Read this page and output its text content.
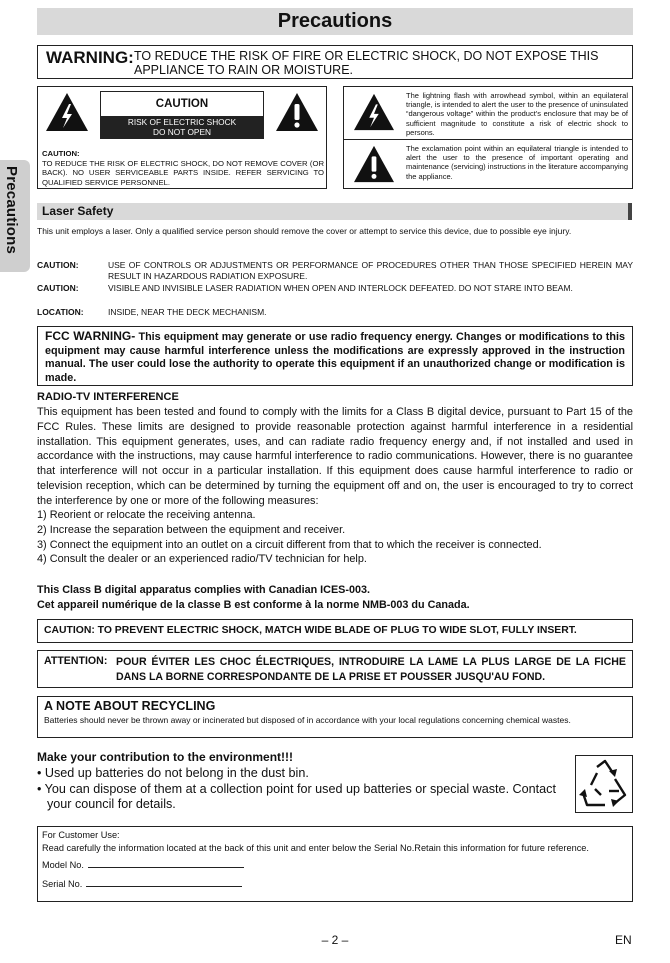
Precautions
Precautions
WARNING: TO REDUCE THE RISK OF FIRE OR ELECTRIC SHOCK, DO NOT EXPOSE THIS APPLIANCE TO RAIN OR MOISTURE.
CAUTION
RISK OF ELECTRIC SHOCK
DO NOT OPEN
CAUTION:
TO REDUCE THE RISK OF ELECTRIC SHOCK, DO NOT REMOVE COVER (OR BACK). NO USER SERVICEABLE PARTS INSIDE. REFER SERVICING TO QUALIFIED SERVICE PERSONNEL.
The lightning flash with arrowhead symbol, within an equilateral triangle, is intended to alert the user to the presence of uninsulated “dangerous voltage” within the product's enclosure that may be of sufficient magnitude to constitute a risk of electric shock to persons.
The exclamation point within an equilateral triangle is intended to alert the user to the presence of important operating and maintenance (servicing) instructions in the literature accompanying the appliance.
Laser Safety
This unit employs a laser. Only a qualified service person should remove the cover or attempt to service this device, due to possible eye injury.
CAUTION:	USE OF CONTROLS OR ADJUSTMENTS OR PERFORMANCE OF PROCEDURES OTHER THAN THOSE SPECIFIED HEREIN MAY RESULT IN HAZARDOUS RADIATION EXPOSURE.
CAUTION:	VISIBLE AND INVISIBLE LASER RADIATION WHEN OPEN AND INTERLOCK DEFEATED. DO NOT STARE INTO BEAM.
LOCATION:	INSIDE, NEAR THE DECK MECHANISM.
FCC WARNING- This equipment may generate or use radio frequency energy. Changes or modifications to this equipment may cause harmful interference unless the modifications are expressly approved in the instruction manual. The user could lose the authority to operate this equipment if an unauthorized change or modification is made.
RADIO-TV INTERFERENCE
This equipment has been tested and found to comply with the limits for a Class B digital device, pursuant to Part 15 of the FCC Rules. These limits are designed to provide reasonable protection against harmful interference in a residential installation. This equipment generates, uses, and can radiate radio frequency energy and, if not installed and used in accordance with the instructions, may cause harmful interference to radio communications. However, there is no guarantee that interference will not occur in a particular installation. If this equipment does cause harmful interference to radio or television reception, which can be determined by turning the equipment off and on, the user is encouraged to try to correct the interference by one or more of the following measures:
1) Reorient or relocate the receiving antenna.
2) Increase the separation between the equipment and receiver.
3) Connect the equipment into an outlet on a circuit different from that to which the receiver is connected.
4) Consult the dealer or an experienced radio/TV technician for help.
This Class B digital apparatus complies with Canadian ICES-003.
Cet appareil numérique de la classe B est conforme à la norme NMB-003 du Canada.
CAUTION: TO PREVENT ELECTRIC SHOCK, MATCH WIDE BLADE OF PLUG TO WIDE SLOT, FULLY INSERT.
ATTENTION: POUR ÉVITER LES CHOC ÉLECTRIQUES, INTRODUIRE LA LAME LA PLUS LARGE DE LA FICHE DANS LA BORNE CORRESPONDANTE DE LA PRISE ET POUSSER JUSQU'AU FOND.
A NOTE ABOUT RECYCLING
Batteries should never be thrown away or incinerated but disposed of in accordance with your local regulations concerning chemical wastes.
Make your contribution to the environment!!!
• Used up batteries do not belong in the dust bin.
• You can dispose of them at a collection point for used up batteries or special waste. Contact your council for details.
For Customer Use:
Read carefully the information located at the back of this unit and enter below the Serial No.Retain this information for future reference.
Model No.
Serial No.
– 2 –	EN
